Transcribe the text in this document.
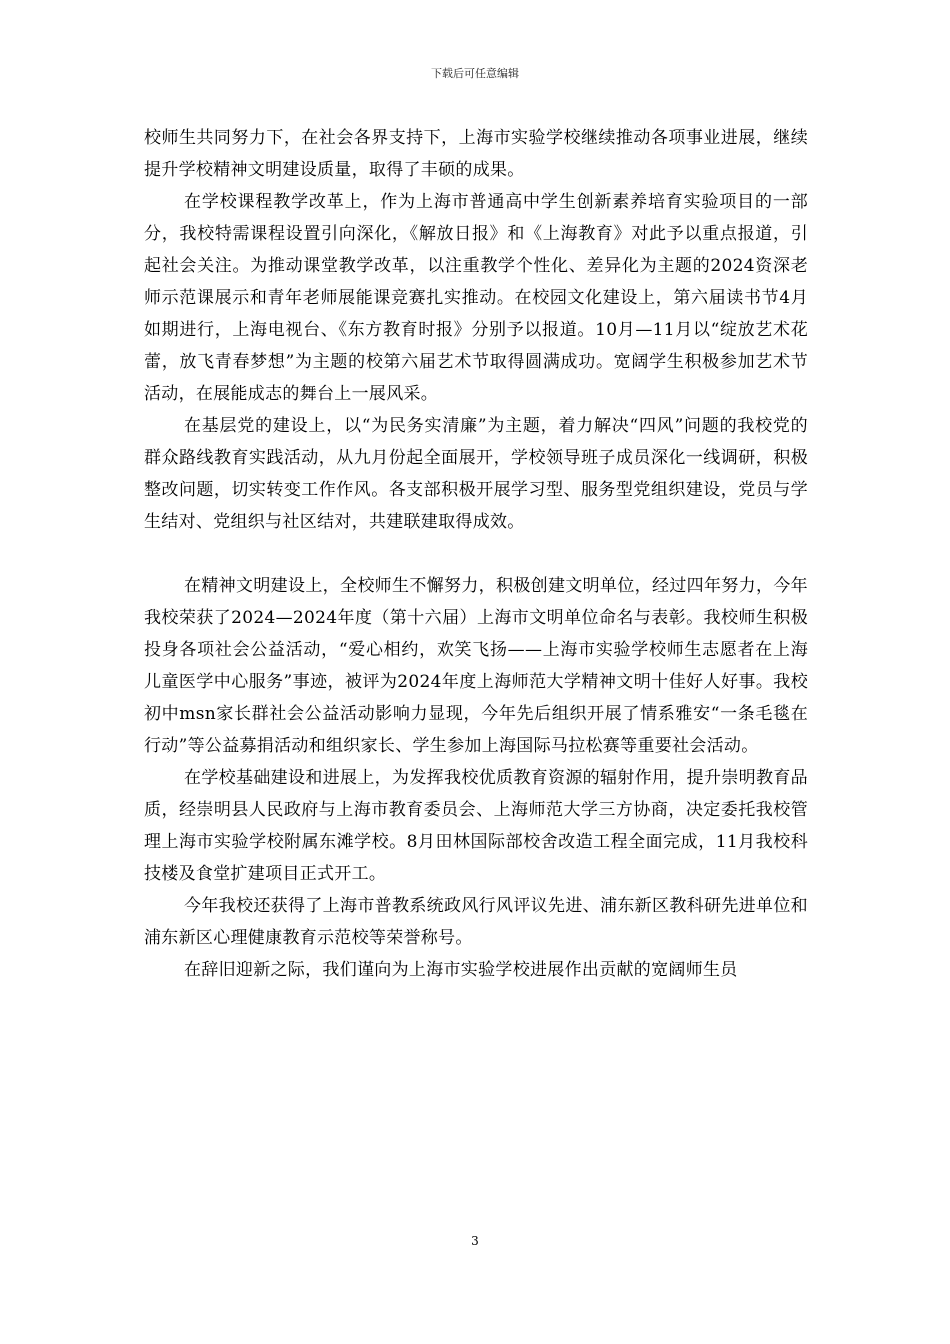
下载后可任意编辑

校师生共同努力下，在社会各界支持下，上海市实验学校继续推动各项事业进展，继续提升学校精神文明建设质量，取得了丰硕的成果。

在学校课程教学改革上，作为上海市普通高中学生创新素养培育实验项目的一部分，我校特需课程设置引向深化，《解放日报》和《上海教育》对此予以重点报道，引起社会关注。为推动课堂教学改革，以注重教学个性化、差异化为主题的2024资深老师示范课展示和青年老师展能课竞赛扎实推动。在校园文化建设上，第六届读书节4月如期进行，上海电视台、《东方教育时报》分别予以报道。10月—11月以“绽放艺术花蕾，放飞青春梦想”为主题的校第六届艺术节取得圆满成功。宽阔学生积极参加艺术节活动，在展能成志的舞台上一展风采。

在基层党的建设上，以“为民务实清廉”为主题，着力解决“四风”问题的我校党的群众路线教育实践活动，从九月份起全面展开，学校领导班子成员深化一线调研，积极整改问题，切实转变工作作风。各支部积极开展学习型、服务型党组织建设，党员与学生结对、党组织与社区结对，共建联建取得成效。

在精神文明建设上，全校师生不懈努力，积极创建文明单位，经过四年努力，今年我校荣获了2024—2024年度（第十六届）上海市文明单位命名与表彰。我校师生积极投身各项社会公益活动，“爱心相约，欢笑飞扬——上海市实验学校师生志愿者在上海儿童医学中心服务”事迹，被评为2024年度上海师范大学精神文明十佳好人好事。我校初中msn家长群社会公益活动影响力显现，今年先后组织开展了情系雅安“一条毛毯在行动”等公益募捐活动和组织家长、学生参加上海国际马拉松赛等重要社会活动。

在学校基础建设和进展上，为发挥我校优质教育资源的辐射作用，提升崇明教育品质，经崇明县人民政府与上海市教育委员会、上海师范大学三方协商，决定委托我校管理上海市实验学校附属东滩学校。8月田林国际部校舍改造工程全面完成，11月我校科技楼及食堂扩建项目正式开工。

今年我校还获得了上海市普教系统政风行风评议先进、浦东新区教科研先进单位和浦东新区心理健康教育示范校等荣誉称号。

在辞旧迎新之际，我们谨向为上海市实验学校进展作出贡献的宽阔师生员

3
